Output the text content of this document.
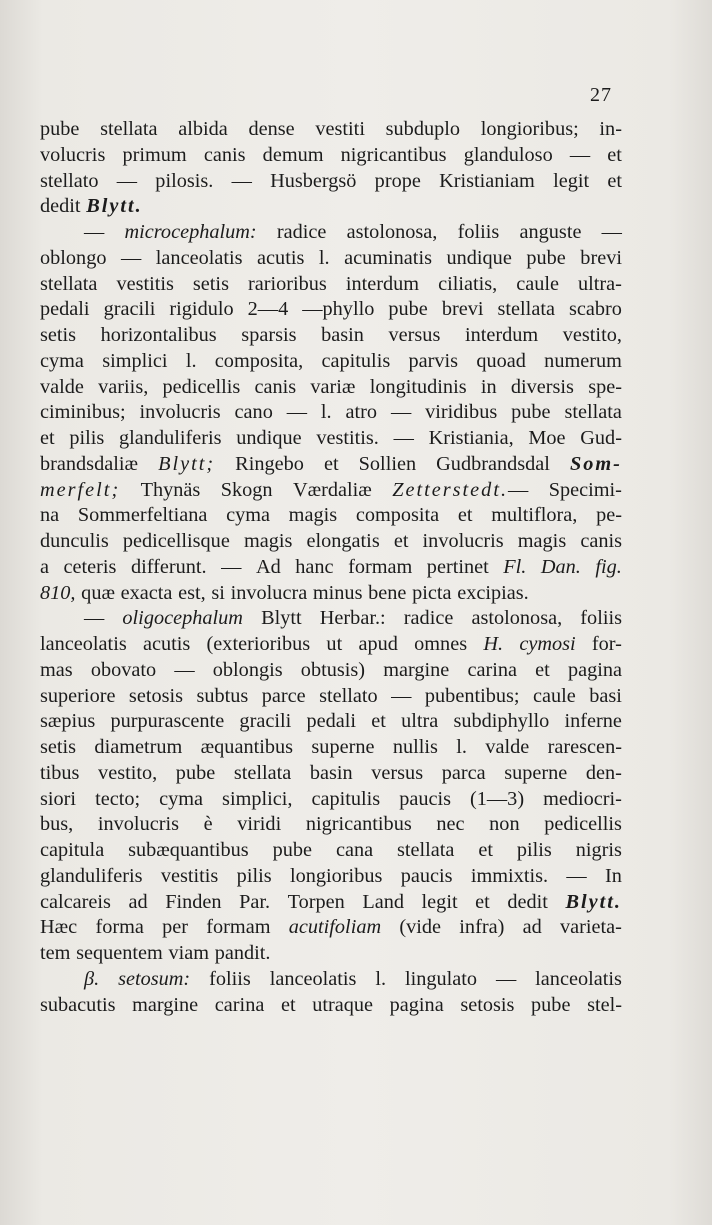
27
pube stellata albida dense vestiti subduplo longioribus; in-
volucris primum canis demum nigricantibus glanduloso — et
stellato — pilosis. — Husbergsö prope Kristianiam legit et
dedit Blytt.
— microcephalum: radice astolonosa, foliis anguste —
oblongo — lanceolatis acutis l. acuminatis undique pube brevi
stellata vestitis setis rarioribus interdum ciliatis, caule ultra-
pedali gracili rigidulo 2—4 —phyllo pube brevi stellata scabro
setis horizontalibus sparsis basin versus interdum vestito,
cyma simplici l. composita, capitulis parvis quoad numerum
valde variis, pedicellis canis variæ longitudinis in diversis spe-
ciminibus; involucris cano — l. atro — viridibus pube stellata
et pilis glanduliferis undique vestitis. — Kristiania, Moe Gud-
brandsdaliæ Blytt; Ringebo et Sollien Gudbrandsdal Som-
merfelt; Thynäs Skogn Værdaliæ Zetterstedt.— Specimi-
na Sommerfeltiana cyma magis composita et multiflora, pe-
dunculis pedicellisque magis elongatis et involucris magis canis
a ceteris differunt. — Ad hanc formam pertinet Fl. Dan. fig.
810, quæ exacta est, si involucra minus bene picta excipias.
— oligocephalum Blytt Herbar.: radice astolonosa, foliis
lanceolatis acutis (exterioribus ut apud omnes H. cymosi for-
mas obovato — oblongis obtusis) margine carina et pagina
superiore setosis subtus parce stellato — pubentibus; caule basi
sæpius purpurascente gracili pedali et ultra subdiphyllo inferne
setis diametrum æquantibus superne nullis l. valde rarescen-
tibus vestito, pube stellata basin versus parca superne den-
siori tecto; cyma simplici, capitulis paucis (1—3) mediocri-
bus, involucris è viridi nigricantibus nec non pedicellis
capitula subæquantibus pube cana stellata et pilis nigris
glanduliferis vestitis pilis longioribus paucis immixtis. — In
calcareis ad Finden Par. Torpen Land legit et dedit Blytt.
Hæc forma per formam acutifoliam (vide infra) ad varieta-
tem sequentem viam pandit.
β. setosum: foliis lanceolatis l. lingulato — lanceolatis
subacutis margine carina et utraque pagina setosis pube stel-
